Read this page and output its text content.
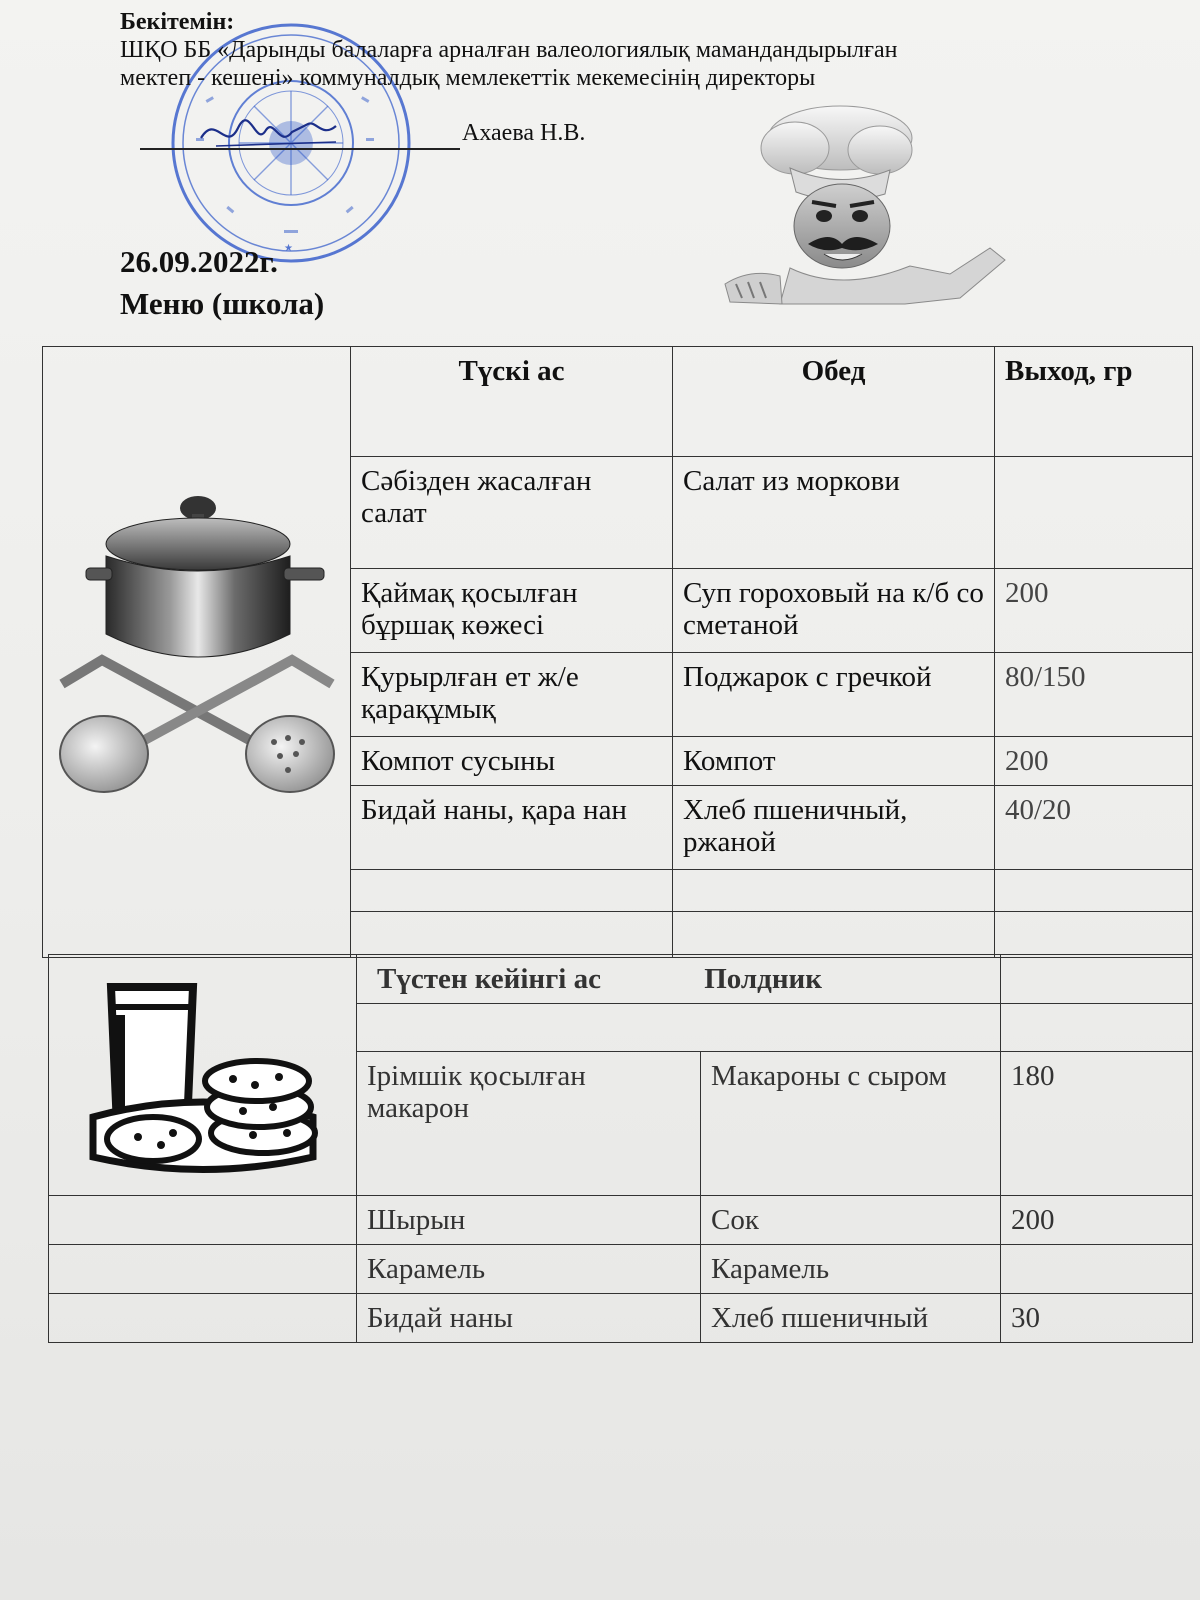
★
Бекітемін:
ШҚО ББ «Дарынды балаларға арналған валеологиялық мамандандырылған
мектеп - кешені» коммуналдық мемлекеттік мекемесінің директоры
Ахаева Н.В.
26.09.2022г.
Меню (школа)
	Түскі ас	Обед	Выход, гр
	Сәбізден жасалған салат	Салат из моркови	
	Қаймақ қосылған бұршақ көжесі	Суп гороховый на к/б со сметаной	200
	Қурырлған ет ж/е қарақұмық	Поджарок с гречкой	80/150
	Компот сусыны	Компот	200
	Бидай наны, қара нан	Хлеб пшеничный, ржаной	40/20

	Түстен кейінгі ас Полдник		

	Ірімшік қосылған макарон	Макароны с сыром	180
	Шырын	Сок	200
	Карамель	Карамель	
	Бидай наны	Хлеб пшеничный	30
